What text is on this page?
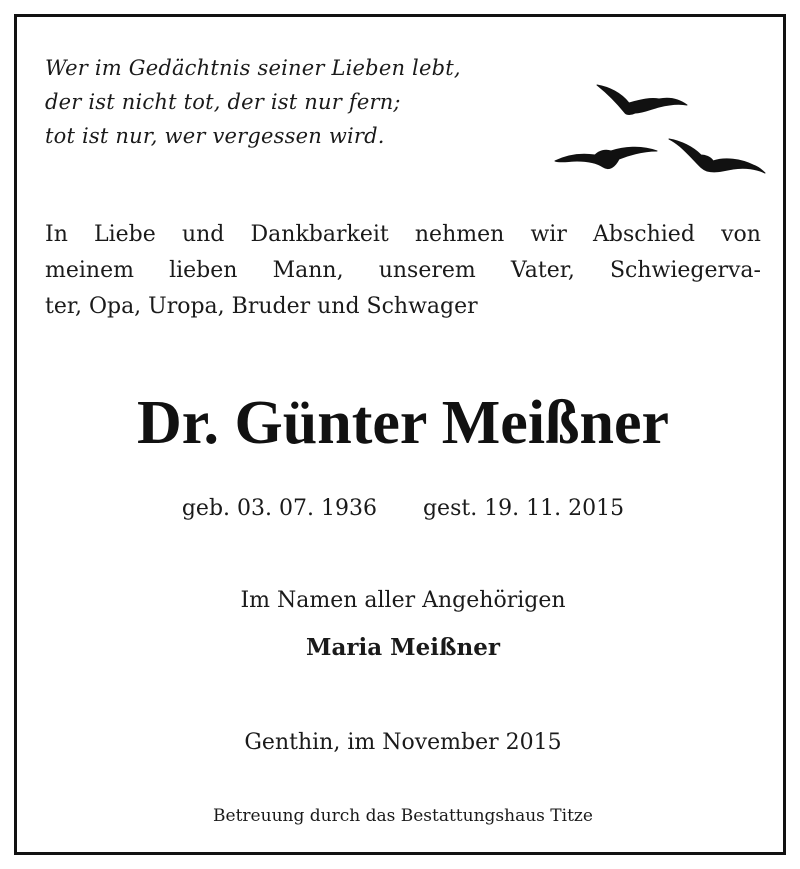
Wer im Gedächtnis seiner Lieben lebt,
der ist nicht tot, der ist nur fern;
tot ist nur, wer vergessen wird.
In Liebe und Dankbarkeit nehmen wir Abschied von
meinem lieben Mann, unserem Vater, Schwiegerva-
ter, Opa, Uropa, Bruder und Schwager
Dr. Günter Meißner
geb. 03. 07. 1936 gest. 19. 11. 2015
Im Namen aller Angehörigen
Maria Meißner
Genthin, im November 2015
Betreuung durch das Bestattungshaus Titze
